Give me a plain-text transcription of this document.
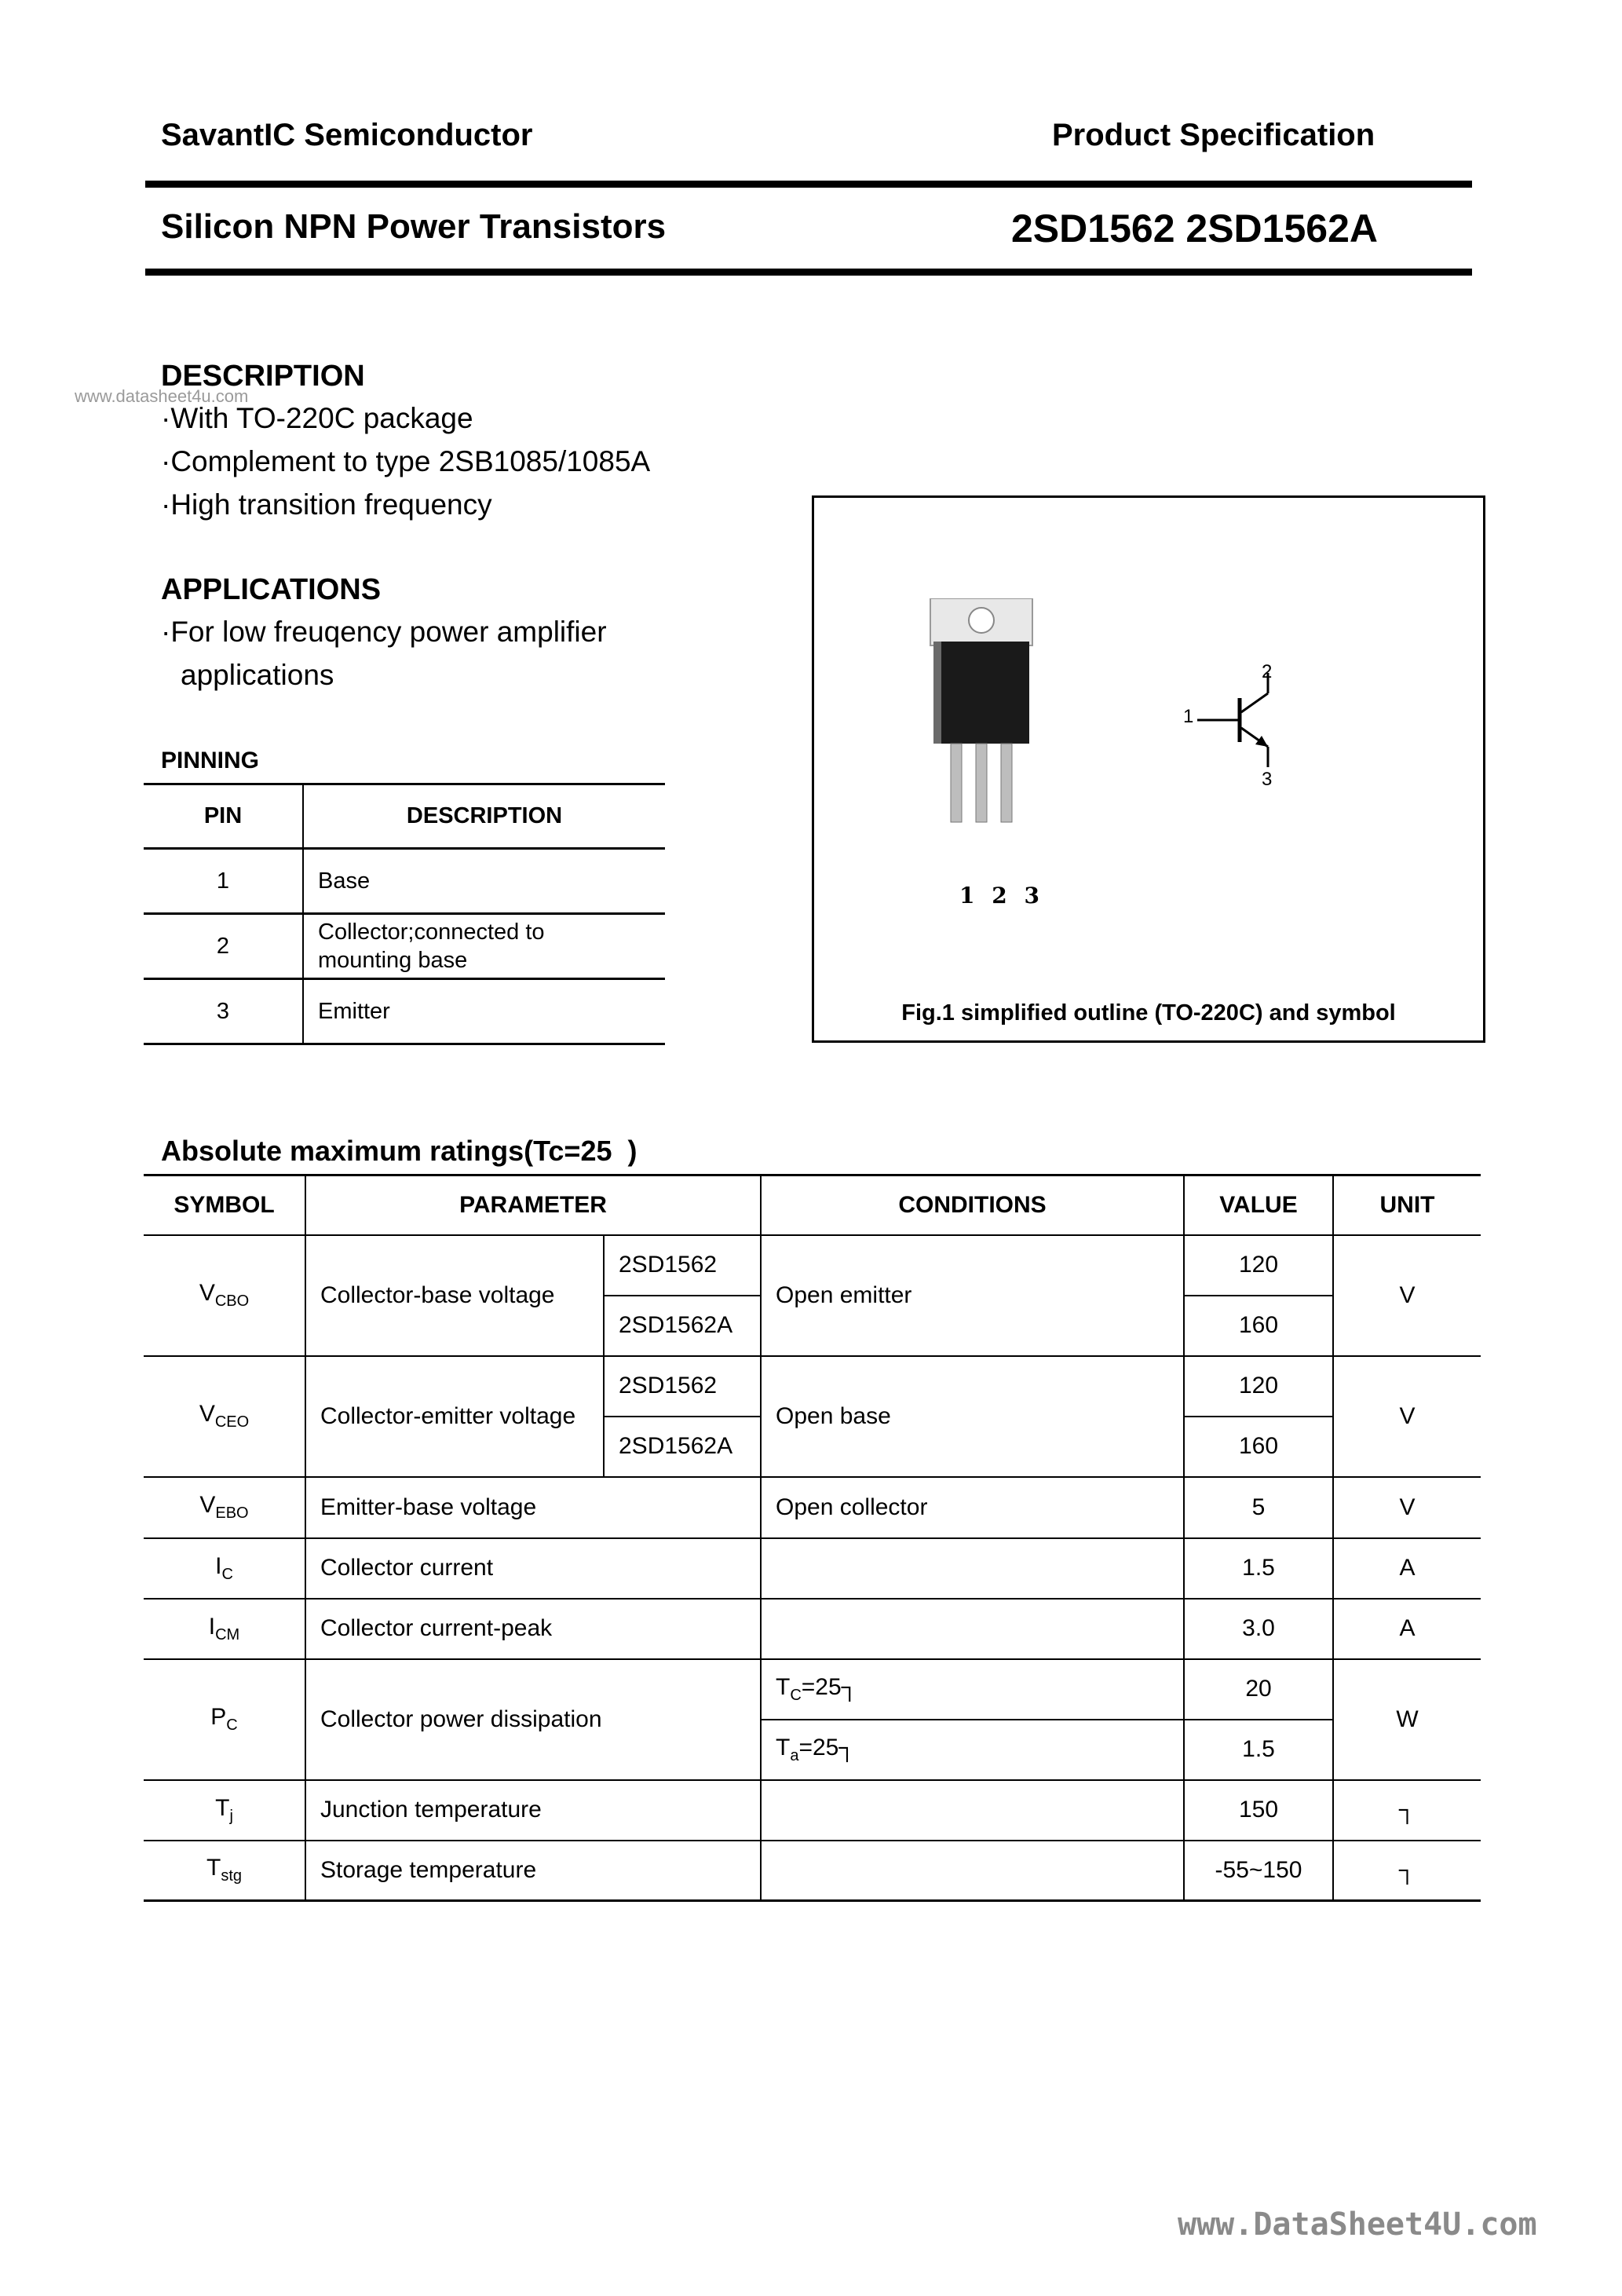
SavantIC Semiconductor	Product Specification
Silicon NPN Power Transistors	2SD1562 2SD1562A
www.datasheet4u.com
DESCRIPTION
·With TO-220C package
·Complement to type 2SB1085/1085A
·High transition frequency
APPLICATIONS
·For low freuqency power amplifier
applications
PINNING
PIN	DESCRIPTION
1	Base
2	Collector;connected to mounting base
3	Emitter
1 2 3
1
2
3
Fig.1 simplified outline (TO-220C) and symbol
Absolute maximum ratings(Tc=25  )
SYMBOL	PARAMETER		CONDITIONS	VALUE	UNIT
$V_{CBO}$	Collector-base voltage	2SD1562	Open emitter	120	V
		2SD1562A		160	
$V_{CEO}$	Collector-emitter voltage	2SD1562	Open base	120	V
		2SD1562A		160	
$V_{EBO}$	Emitter-base voltage		Open collector	5	V
$I_C$	Collector current			1.5	A
$I_{CM}$	Collector current-peak			3.0	A
$P_C$	Collector power dissipation		$T_C=25┐$	20	W
			$T_a=25┐$	1.5	
$T_j$	Junction temperature			150	┐
$T_{stg}$	Storage temperature			-55~150	┐
www.DataSheet4U.com
